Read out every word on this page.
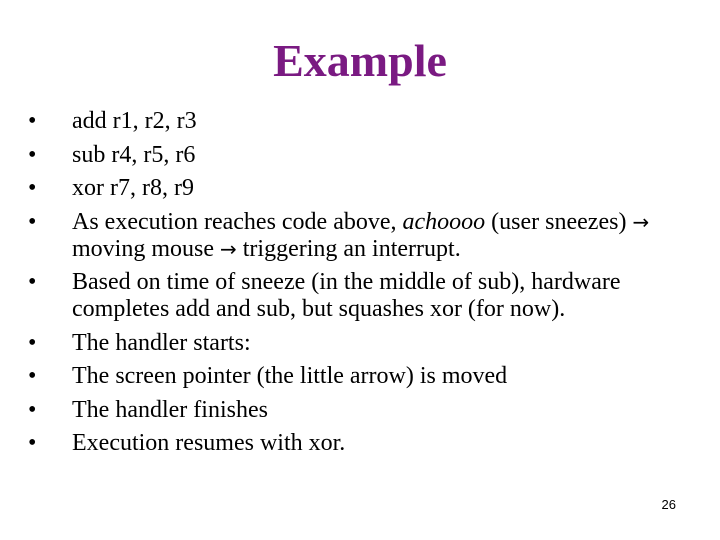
Example
• add r1, r2, r3
• sub r4, r5, r6
• xor r7, r8, r9
• As execution reaches code above, achoooo (user sneezes) → moving mouse → triggering an interrupt.
• Based on time of sneeze (in the middle of sub), hardware completes add and sub, but squashes xor (for now).
• The handler starts:
• The screen pointer (the little arrow) is moved
• The handler finishes
• Execution resumes with xor.
26
